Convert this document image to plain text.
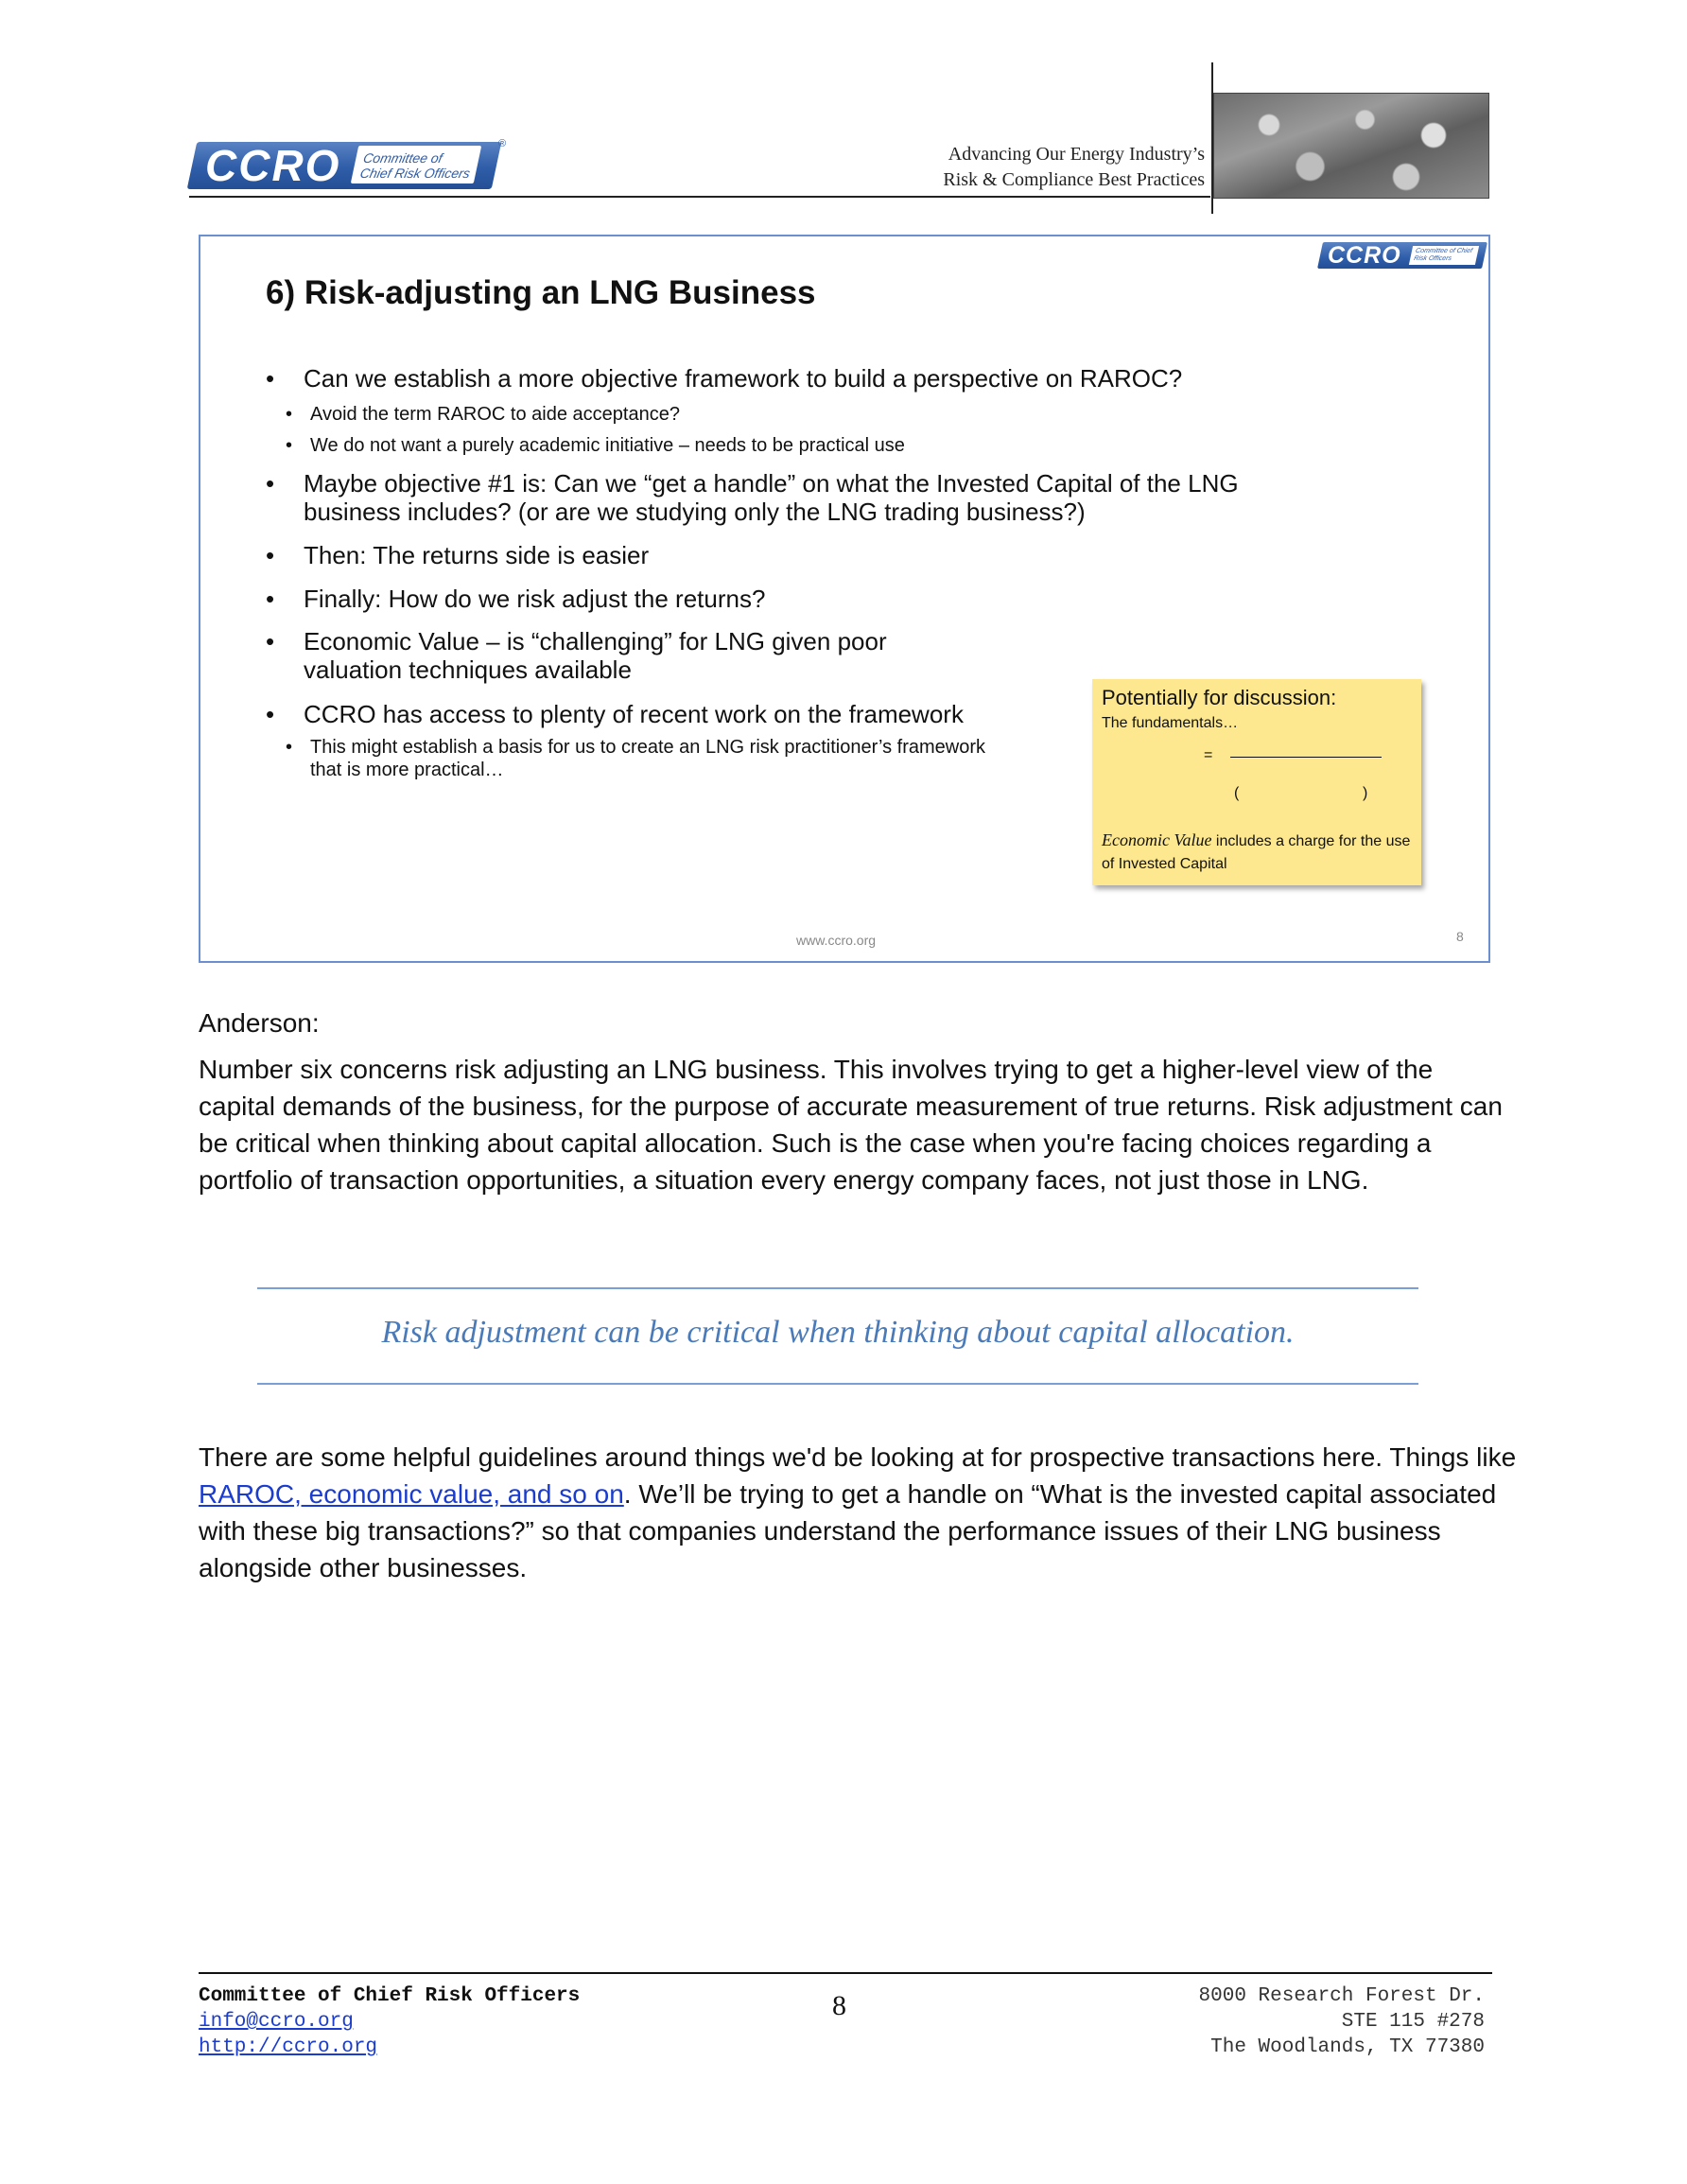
CCRO	Committee of
Chief Risk Officers
®	Advancing Our Energy Industry’s
Risk & Compliance Best Practices
CCRO	Committee of Chief Risk Officers
6) Risk-adjusting an LNG Business
• Can we establish a more objective framework to build a perspective on RAROC?
• Avoid the term RAROC to aide acceptance?
• We do not want a purely academic initiative – needs to be practical use
• Maybe objective #1 is: Can we “get a handle” on what the Invested Capital of the LNG
business includes? (or are we studying only the LNG trading business?)
• Then: The returns side is easier
• Finally: How do we risk adjust the returns?
• Economic Value – is “challenging” for LNG given poor
valuation techniques available
• CCRO has access to plenty of recent work on the framework
• This might establish a basis for us to create an LNG risk practitioner’s framework
that is more practical…
Potentially for discussion:
The fundamentals…
=
(	)
Economic Value includes a charge for the use of Invested Capital
www.ccro.org	8
Anderson:
Number six concerns risk adjusting an LNG business. This involves trying to get a higher-level view of the capital demands of the business, for the purpose of accurate measurement of true returns. Risk adjustment can be critical when thinking about capital allocation. Such is the case when you're facing choices regarding a portfolio of transaction opportunities, a situation every energy company faces, not just those in LNG.
Risk adjustment can be critical when thinking about capital allocation.
There are some helpful guidelines around things we'd be looking at for prospective transactions here. Things like RAROC, economic value, and so on. We’ll be trying to get a handle on “What is the invested capital associated with these big transactions?” so that companies understand the performance issues of their LNG business alongside other businesses.
Committee of Chief Risk Officers
info@ccro.org
http://ccro.org
8	8000 Research Forest Dr.
STE 115 #278
The Woodlands, TX 77380
